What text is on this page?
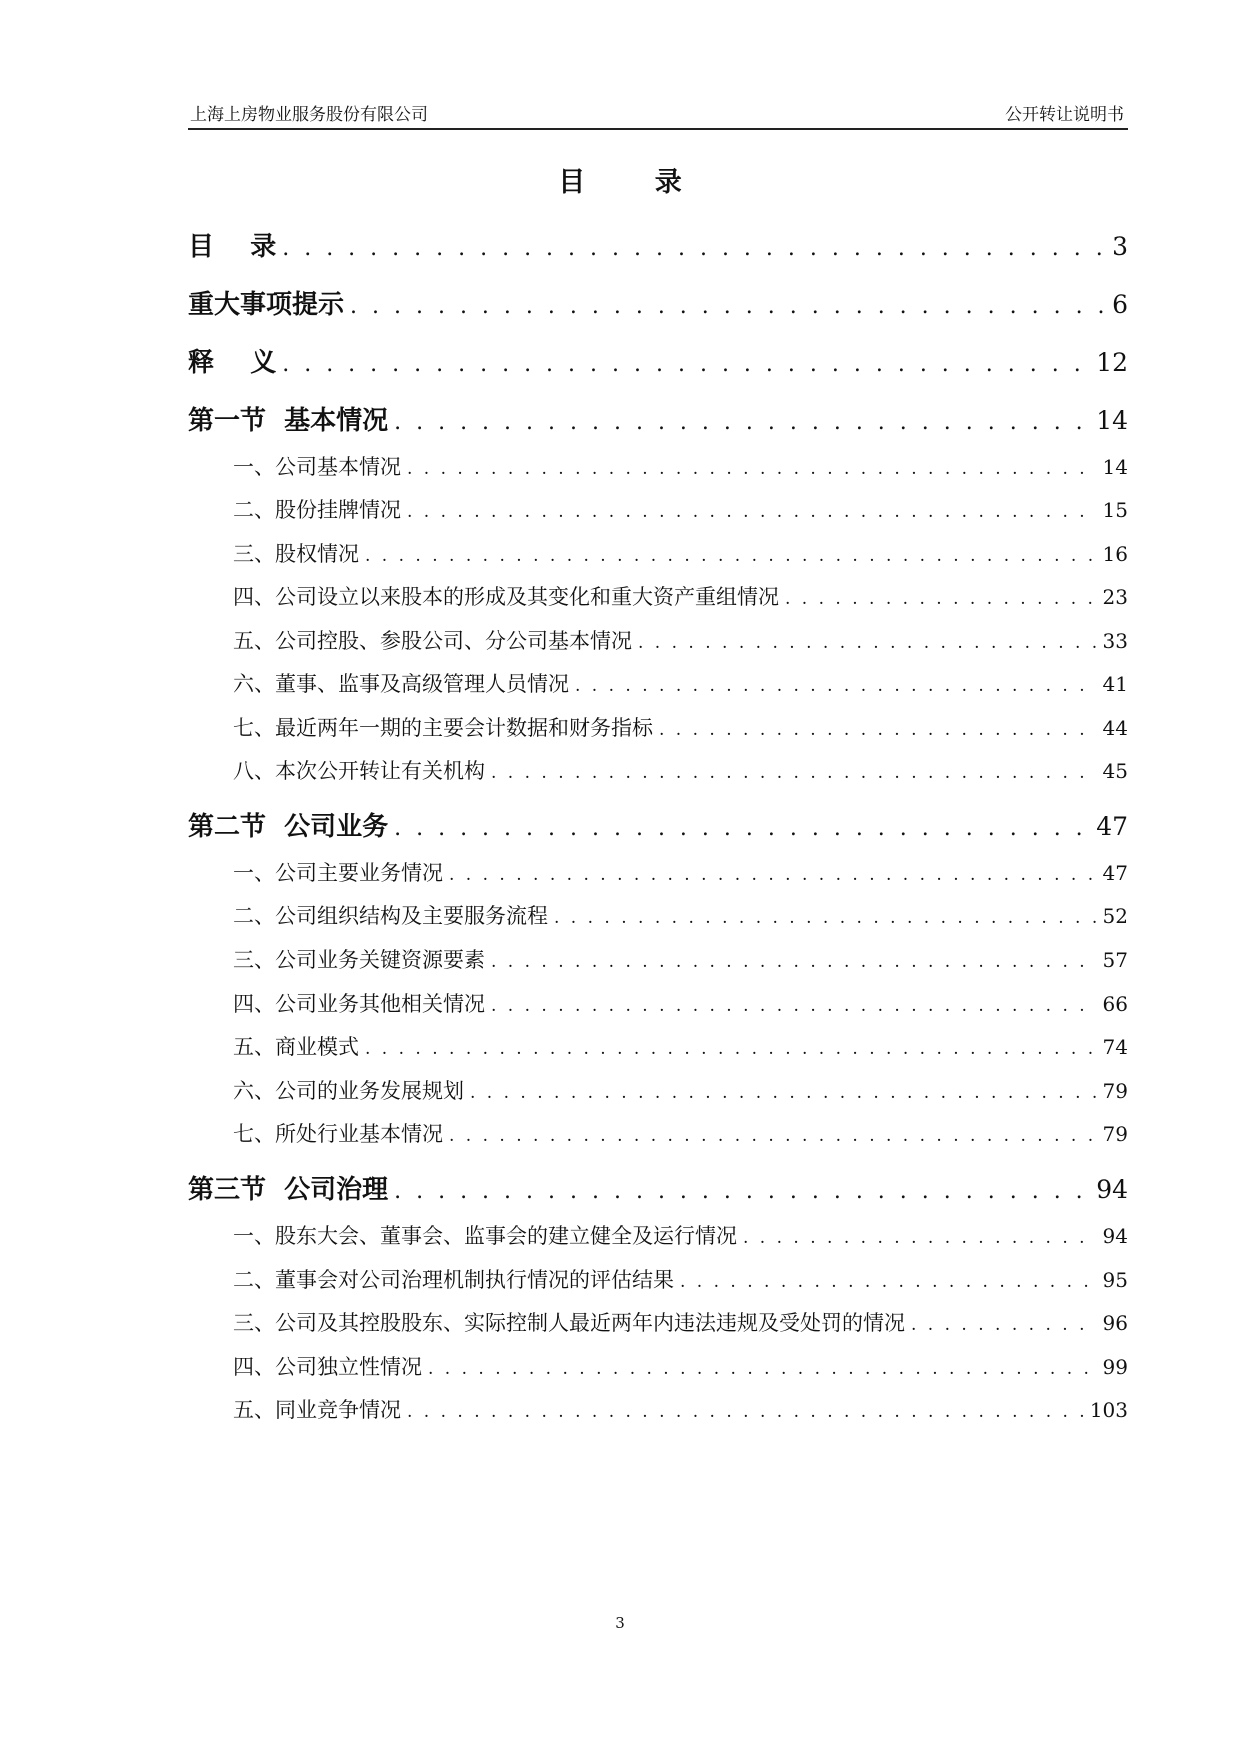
上海上房物业服务股份有限公司	公开转让说明书
目 录
目    录 . . .	3
重大事项提示 . . .	6
释    义 . . .	12
第一节  基本情况 . . .	14
一、公司基本情况 . . .	14
二、股份挂牌情况 . . .	15
三、股权情况 . . .	16
四、公司设立以来股本的形成及其变化和重大资产重组情况 . . .	23
五、公司控股、参股公司、分公司基本情况 . . .	33
六、董事、监事及高级管理人员情况 . . .	41
七、最近两年一期的主要会计数据和财务指标 . . .	44
八、本次公开转让有关机构 . . .	45
第二节  公司业务 . . .	47
一、公司主要业务情况 . . .	47
二、公司组织结构及主要服务流程 . . .	52
三、公司业务关键资源要素 . . .	57
四、公司业务其他相关情况 . . .	66
五、商业模式 . . .	74
六、公司的业务发展规划 . . .	79
七、所处行业基本情况 . . .	79
第三节  公司治理 . . .	94
一、股东大会、董事会、监事会的建立健全及运行情况 . . .	94
二、董事会对公司治理机制执行情况的评估结果 . . .	95
三、公司及其控股股东、实际控制人最近两年内违法违规及受处罚的情况 . . .	96
四、公司独立性情况 . . .	99
五、同业竞争情况 . . .	103
3
